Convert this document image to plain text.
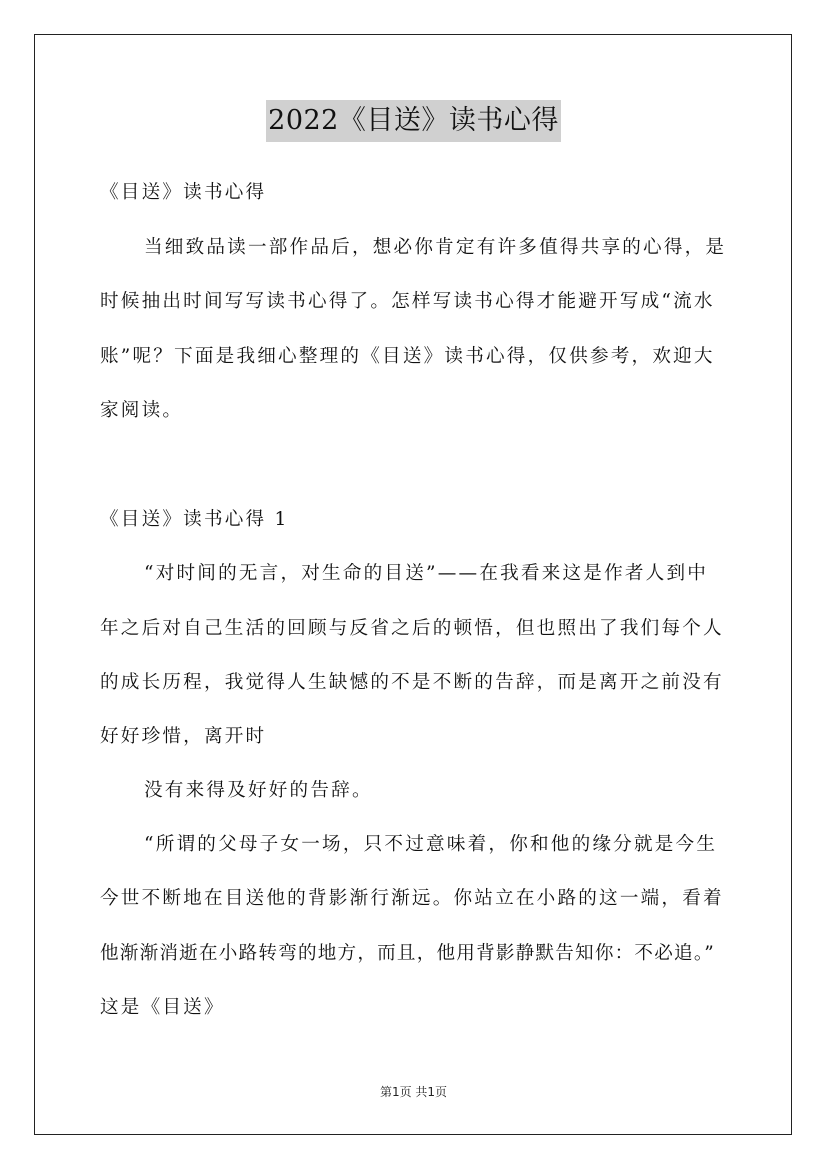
2022《目送》读书心得
《目送》读书心得
当细致品读一部作品后，想必你肯定有许多值得共享的心得，是
时候抽出时间写写读书心得了。怎样写读书心得才能避开写成“流水
账”呢？下面是我细心整理的《目送》读书心得，仅供参考，欢迎大
家阅读。
《目送》读书心得 1
“对时间的无言，对生命的目送”——在我看来这是作者人到中
年之后对自己生活的回顾与反省之后的顿悟，但也照出了我们每个人
的成长历程，我觉得人生缺憾的不是不断的告辞，而是离开之前没有
好好珍惜，离开时
没有来得及好好的告辞。
“所谓的父母子女一场，只不过意味着，你和他的缘分就是今生
今世不断地在目送他的背影渐行渐远。你站立在小路的这一端，看着
他渐渐消逝在小路转弯的地方，而且，他用背影静默告知你：不必追。”
这是《目送》
第1页 共1页
